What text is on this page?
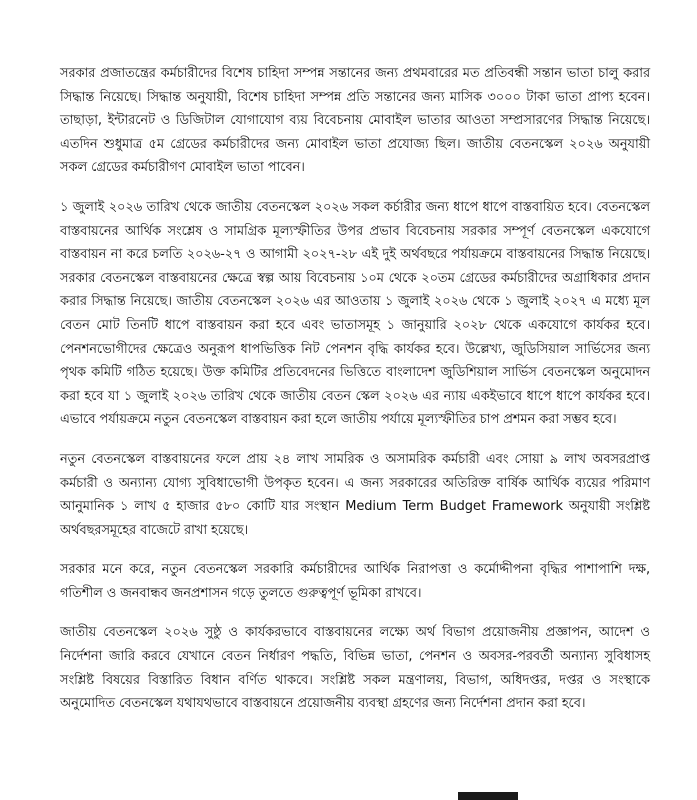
সরকার প্রজাতন্ত্রের কর্মচারীদের বিশেষ চাহিদা সম্পন্ন সন্তানের জন্য প্রথমবারের মত প্রতিবন্ধী সন্তান ভাতা চালু করার সিদ্ধান্ত নিয়েছে। সিদ্ধান্ত অনুযায়ী, বিশেষ চাহিদা সম্পন্ন প্রতি সন্তানের জন্য মাসিক ৩০০০ টাকা ভাতা প্রাপ্য হবেন। তাছাড়া, ইন্টারনেট ও ডিজিটাল যোগাযোগ ব্যয় বিবেচনায় মোবাইল ভাতার আওতা সম্প্রসারণের সিদ্ধান্ত নিয়েছে। এতদিন শুধুমাত্র ৫ম গ্রেডের কর্মচারীদের জন্য মোবাইল ভাতা প্রযোজ্য ছিল। জাতীয় বেতনস্কেল ২০২৬ অনুযায়ী সকল গ্রেডের কর্মচারীগণ মোবাইল ভাতা পাবেন।

১ জুলাই ২০২৬ তারিখ থেকে জাতীয় বেতনস্কেল ২০২৬ সকল কর্চারীর জন্য ধাপে ধাপে বাস্তবায়িত হবে। বেতনস্কেল বাস্তবায়নের আর্থিক সংশ্লেষ ও সামগ্রিক মূল্যস্ফীতির উপর প্রভাব বিবেচনায় সরকার সম্পূর্ণ বেতনস্কেল একযোগে বাস্তবায়ন না করে চলতি ২০২৬-২৭ ও আগামী ২০২৭-২৮ এই দুই অর্থবছরে পর্যায়ক্রমে বাস্তবায়নের সিদ্ধান্ত নিয়েছে। সরকার বেতনস্কেল বাস্তবায়নের ক্ষেত্রে স্বল্প আয় বিবেচনায় ১০ম থেকে ২০তম গ্রেডের কর্মচারীদের অগ্রাধিকার প্রদান করার সিদ্ধান্ত নিয়েছে। জাতীয় বেতনস্কেল ২০২৬ এর আওতায় ১ জুলাই ২০২৬ থেকে ১ জুলাই ২০২৭ এ মধ্যে মূল বেতন মোট তিনটি ধাপে বাস্তবায়ন করা হবে এবং ভাতাসমূহ ১ জানুয়ারি ২০২৮ থেকে একযোগে কার্যকর হবে। পেনশনভোগীদের ক্ষেত্রেও অনুরূপ ধাপভিত্তিক নিট পেনশন বৃদ্ধি কার্যকর হবে। উল্লেখ্য, জুডিসিয়াল সার্ভিসের জন্য পৃথক কমিটি গঠিত হয়েছে। উক্ত কমিটির প্রতিবেদনের ভিত্তিতে বাংলাদেশ জুডিশিয়াল সার্ভিস বেতনস্কেল অনুমোদন করা হবে যা ১ জুলাই ২০২৬ তারিখ থেকে জাতীয় বেতন স্কেল ২০২৬ এর ন্যায় একইভাবে ধাপে ধাপে কার্যকর হবে। এভাবে পর্যায়ক্রমে নতুন বেতনস্কেল বাস্তবায়ন করা হলে জাতীয় পর্যায়ে মূল্যস্ফীতির চাপ প্রশমন করা সম্ভব হবে।

নতুন বেতনস্কেল বাস্তবায়নের ফলে প্রায় ২৪ লাখ সামরিক ও অসামরিক কর্মচারী এবং সোয়া ৯ লাখ অবসরপ্রাপ্ত কর্মচারী ও অন্যান্য যোগ্য সুবিধাভোগী উপকৃত হবেন। এ জন্য সরকারের অতিরিক্ত বার্ষিক আর্থিক ব্যয়ের পরিমাণ আনুমানিক ১ লাখ ৫ হাজার ৫৮০ কোটি যার সংস্থান Medium Term Budget Framework অনুযায়ী সংশ্লিষ্ট অর্থবছরসমূহের বাজেটে রাখা হয়েছে।

সরকার মনে করে, নতুন বেতনস্কেল সরকারি কর্মচারীদের আর্থিক নিরাপত্তা ও কর্মোদ্দীপনা বৃদ্ধির পাশাপাশি দক্ষ, গতিশীল ও জনবান্ধব জনপ্রশাসন গড়ে তুলতে গুরুত্বপূর্ণ ভূমিকা রাখবে।

জাতীয় বেতনস্কেল ২০২৬ সুষ্ঠু ও কার্যকরভাবে বাস্তবায়নের লক্ষ্যে অর্থ বিভাগ প্রয়োজনীয় প্রজ্ঞাপন, আদেশ ও নির্দেশনা জারি করবে যেখানে বেতন নির্ধারণ পদ্ধতি, বিভিন্ন ভাতা, পেনশন ও অবসর-পরবর্তী অন্যান্য সুবিধাসহ সংশ্লিষ্ট বিষয়ের বিস্তারিত বিধান বর্ণিত থাকবে। সংশ্লিষ্ট সকল মন্ত্রণালয়, বিভাগ, অধিদপ্তর, দপ্তর ও সংস্থাকে অনুমোদিত বেতনস্কেল যথাযথভাবে বাস্তবায়নে প্রয়োজনীয় ব্যবস্থা গ্রহণের জন্য নির্দেশনা প্রদান করা হবে।
